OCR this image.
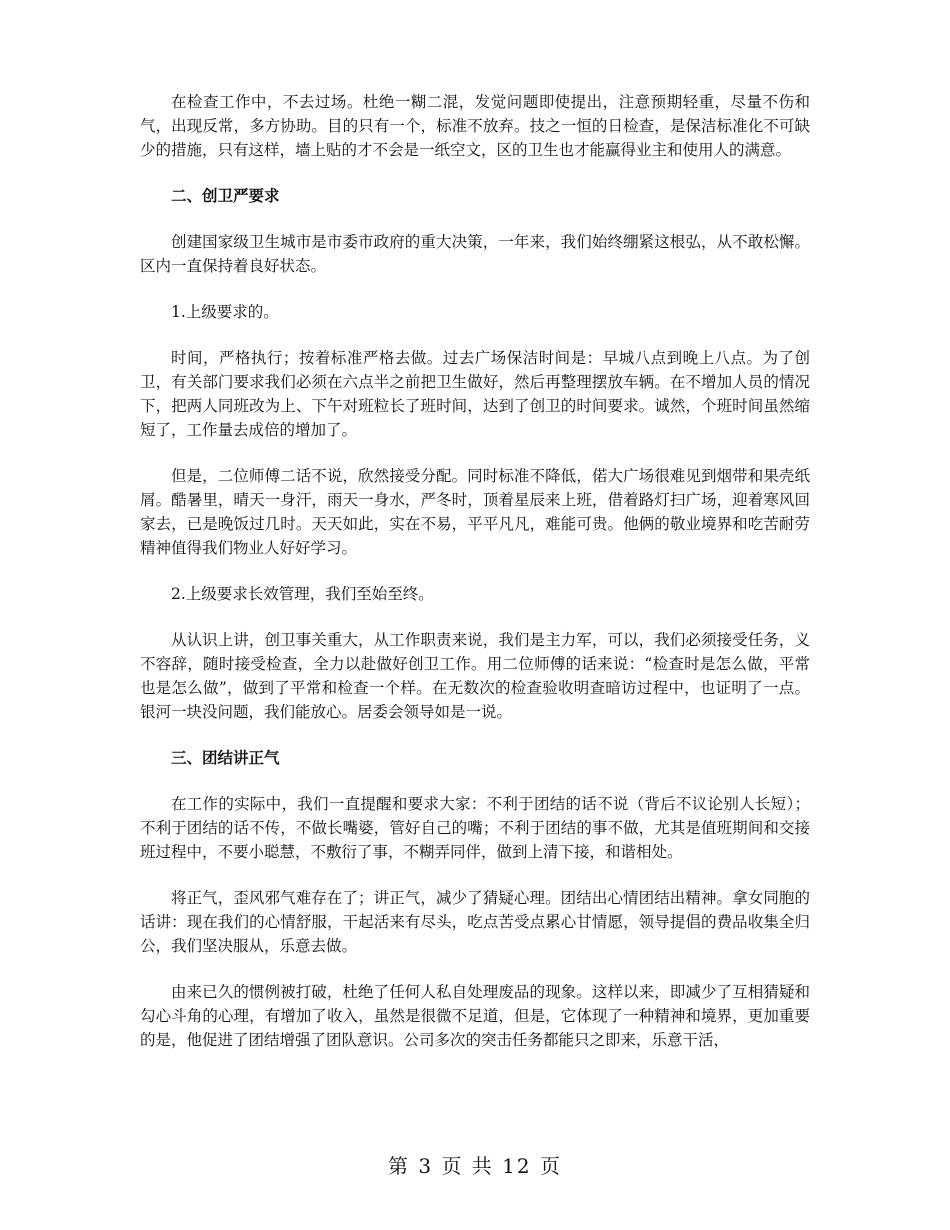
在检查工作中，不去过场。杜绝一糊二混，发觉问题即使提出，注意预期轻重，尽量不伤和气，出现反常，多方协助。目的只有一个，标准不放弃。技之一恒的日检查，是保洁标准化不可缺少的措施，只有这样，墙上贴的才不会是一纸空文，区的卫生也才能赢得业主和使用人的满意。

二、创卫严要求

创建国家级卫生城市是市委市政府的重大决策，一年来，我们始终绷紧这根弘，从不敢松懈。区内一直保持着良好状态。

1.上级要求的。

时间，严格执行；按着标准严格去做。过去广场保洁时间是：早城八点到晚上八点。为了创卫，有关部门要求我们必须在六点半之前把卫生做好，然后再整理摆放车辆。在不增加人员的情况下，把两人同班改为上、下午对班粒长了班时间，达到了创卫的时间要求。诚然，个班时间虽然缩短了，工作量去成倍的增加了。

但是，二位师傅二话不说，欣然接受分配。同时标准不降低，偌大广场很难见到烟带和果壳纸屑。酷暑里，晴天一身汗，雨天一身水，严冬时，顶着星辰来上班，借着路灯扫广场，迎着寒风回家去，已是晚饭过几时。天天如此，实在不易，平平凡凡，难能可贵。他俩的敬业境界和吃苦耐劳精神值得我们物业人好好学习。

2.上级要求长效管理，我们至始至终。

从认识上讲，创卫事关重大，从工作职责来说，我们是主力军，可以，我们必须接受任务，义不容辞，随时接受检查，全力以赴做好创卫工作。用二位师傅的话来说：“检查时是怎么做，平常也是怎么做”，做到了平常和检查一个样。在无数次的检查验收明查暗访过程中，也证明了一点。银河一块没问题，我们能放心。居委会领导如是一说。

三、团结讲正气

在工作的实际中，我们一直提醒和要求大家：不利于团结的话不说（背后不议论别人长短）；不利于团结的话不传，不做长嘴婆，管好自己的嘴；不利于团结的事不做，尤其是值班期间和交接班过程中，不要小聪慧，不敷衍了事，不糊弄同伴，做到上清下接，和谐相处。

将正气，歪风邪气难存在了；讲正气，减少了猜疑心理。团结出心情团结出精神。拿女同胞的话讲：现在我们的心情舒服，干起活来有尽头，吃点苦受点累心甘情愿，领导提倡的费品收集全归公，我们坚决服从，乐意去做。

由来已久的惯例被打破，杜绝了任何人私自处理废品的现象。这样以来，即减少了互相猜疑和勾心斗角的心理，有增加了收入，虽然是很微不足道，但是，它体现了一种精神和境界，更加重要的是，他促进了团结增强了团队意识。公司多次的突击任务都能只之即来，乐意干活，

第 3 页 共 12 页
